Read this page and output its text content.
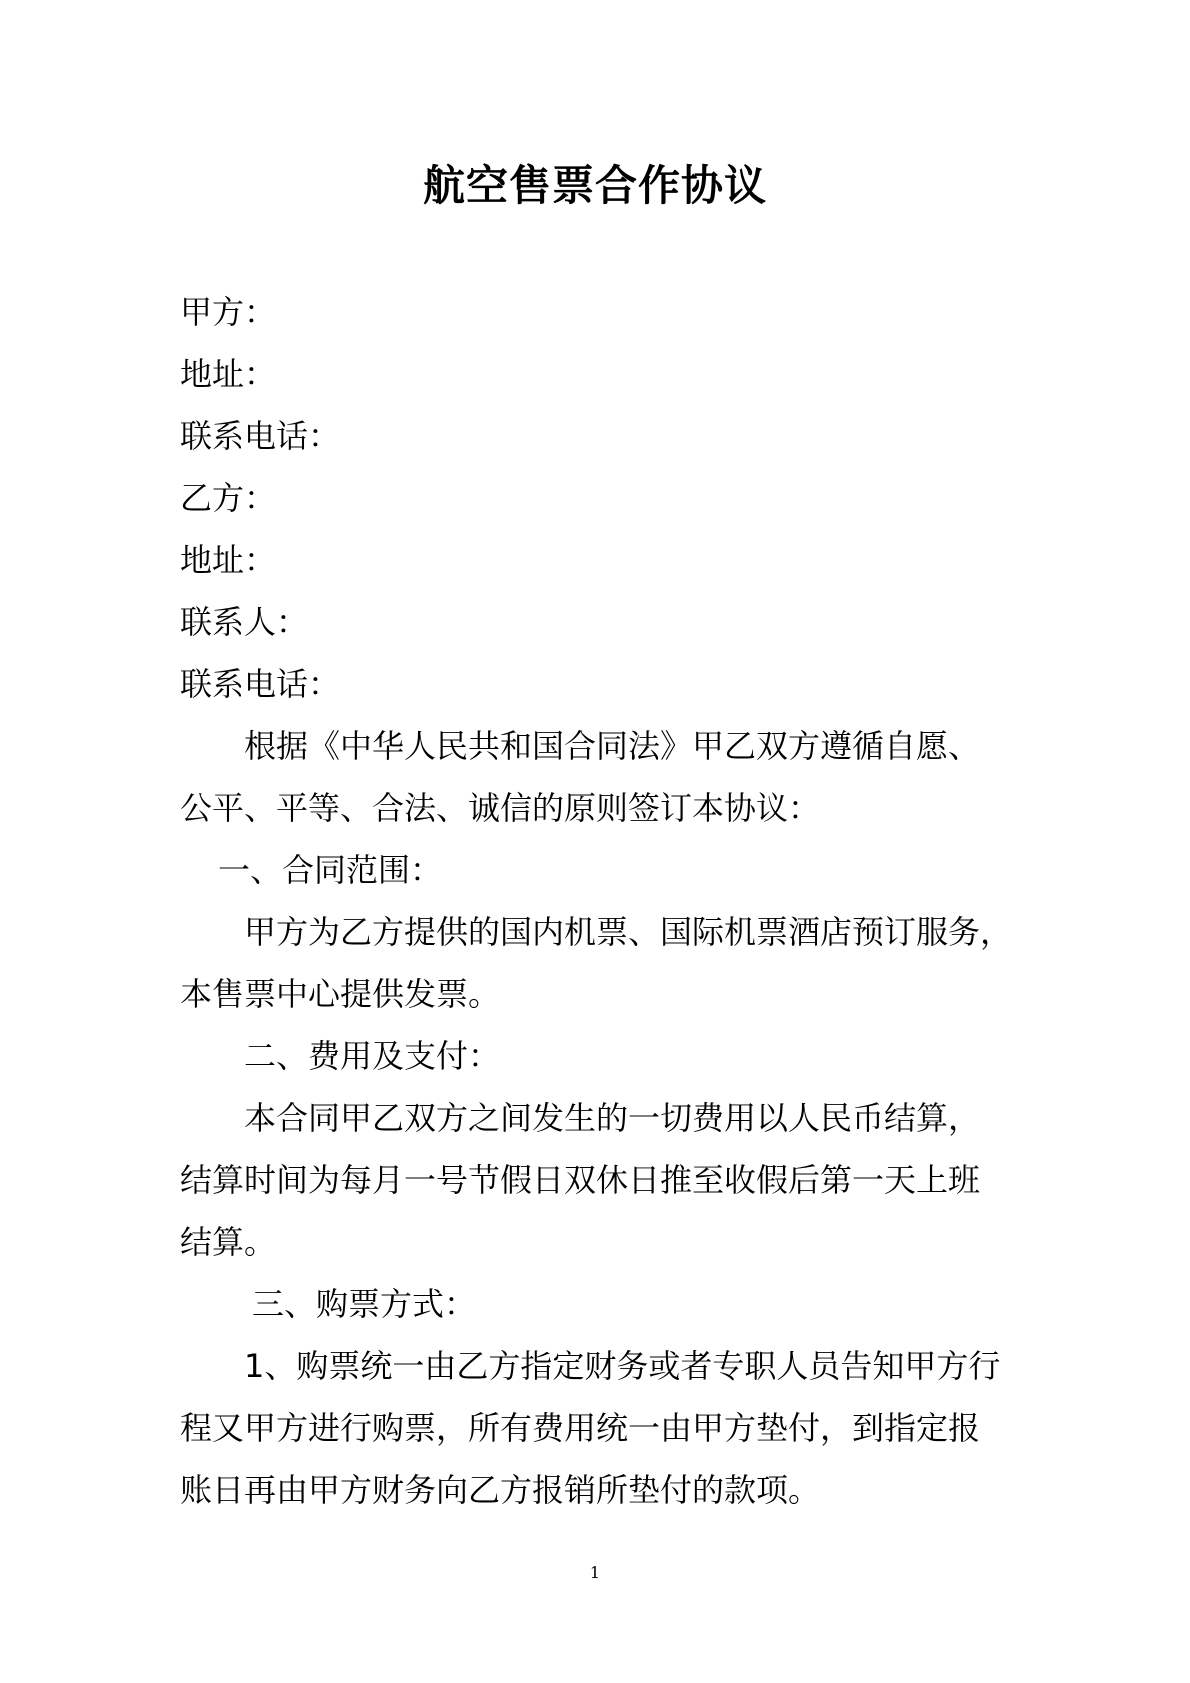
航空售票合作协议
甲方：
地址：
联系电话：
乙方：
地址：
联系人：
联系电话：
根据《中华人民共和国合同法》甲乙双方遵循自愿、
公平、平等、合法、诚信的原则签订本协议：
一、合同范围：
甲方为乙方提供的国内机票、国际机票酒店预订服务，
本售票中心提供发票。
二、费用及支付：
本合同甲乙双方之间发生的一切费用以人民币结算，
结算时间为每月一号节假日双休日推至收假后第一天上班
结算。
三、购票方式：
1、购票统一由乙方指定财务或者专职人员告知甲方行
程又甲方进行购票，所有费用统一由甲方垫付，到指定报
账日再由甲方财务向乙方报销所垫付的款项。
1
